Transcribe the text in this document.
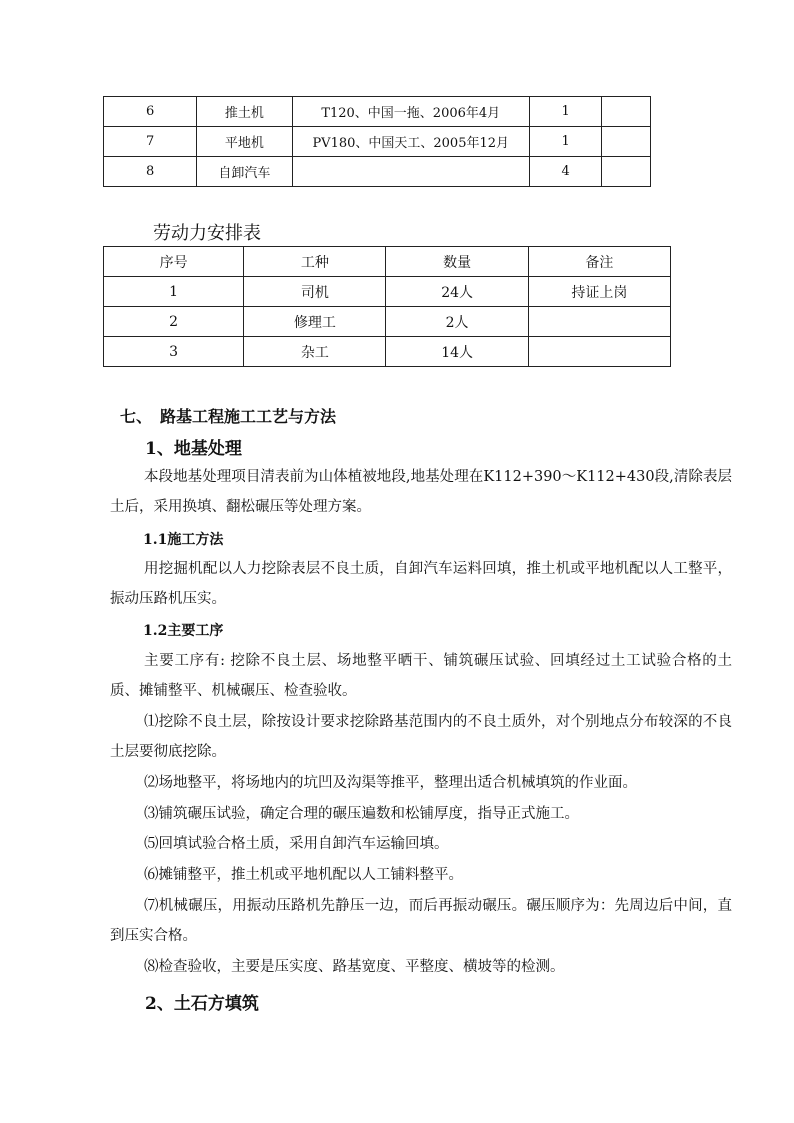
6	推土机	T120、中国一拖、2006年4月	1	
7	平地机	PV180、中国天工、2005年12月	1	
8	自卸汽车		4	
劳动力安排表
序号	工种	数量	备注
1	司机	24人	持证上岗
2	修理工	2人	
3	杂工	14人	
七、　路基工程施工工艺与方法
1、地基处理

本段地基处理项目清表前为山体植被地段,地基处理在K112+390～K112+430段,清除表层土后，采用换填、翻松碾压等处理方案。

1.1施工方法

用挖掘机配以人力挖除表层不良土质，自卸汽车运料回填，推土机或平地机配以人工整平，振动压路机压实。

1.2主要工序

主要工序有: 挖除不良土层、场地整平晒干、铺筑碾压试验、回填经过土工试验合格的土质、摊铺整平、机械碾压、检查验收。

⑴挖除不良土层，除按设计要求挖除路基范围内的不良土质外，对个别地点分布较深的不良土层要彻底挖除。

⑵场地整平，将场地内的坑凹及沟渠等推平，整理出适合机械填筑的作业面。

⑶铺筑碾压试验，确定合理的碾压遍数和松铺厚度，指导正式施工。

⑸回填试验合格土质，采用自卸汽车运输回填。

⑹摊铺整平，推土机或平地机配以人工铺料整平。

⑺机械碾压，用振动压路机先静压一边，而后再振动碾压。碾压顺序为：先周边后中间，直到压实合格。

⑻检查验收，主要是压实度、路基宽度、平整度、横坡等的检测。

2、土石方填筑
